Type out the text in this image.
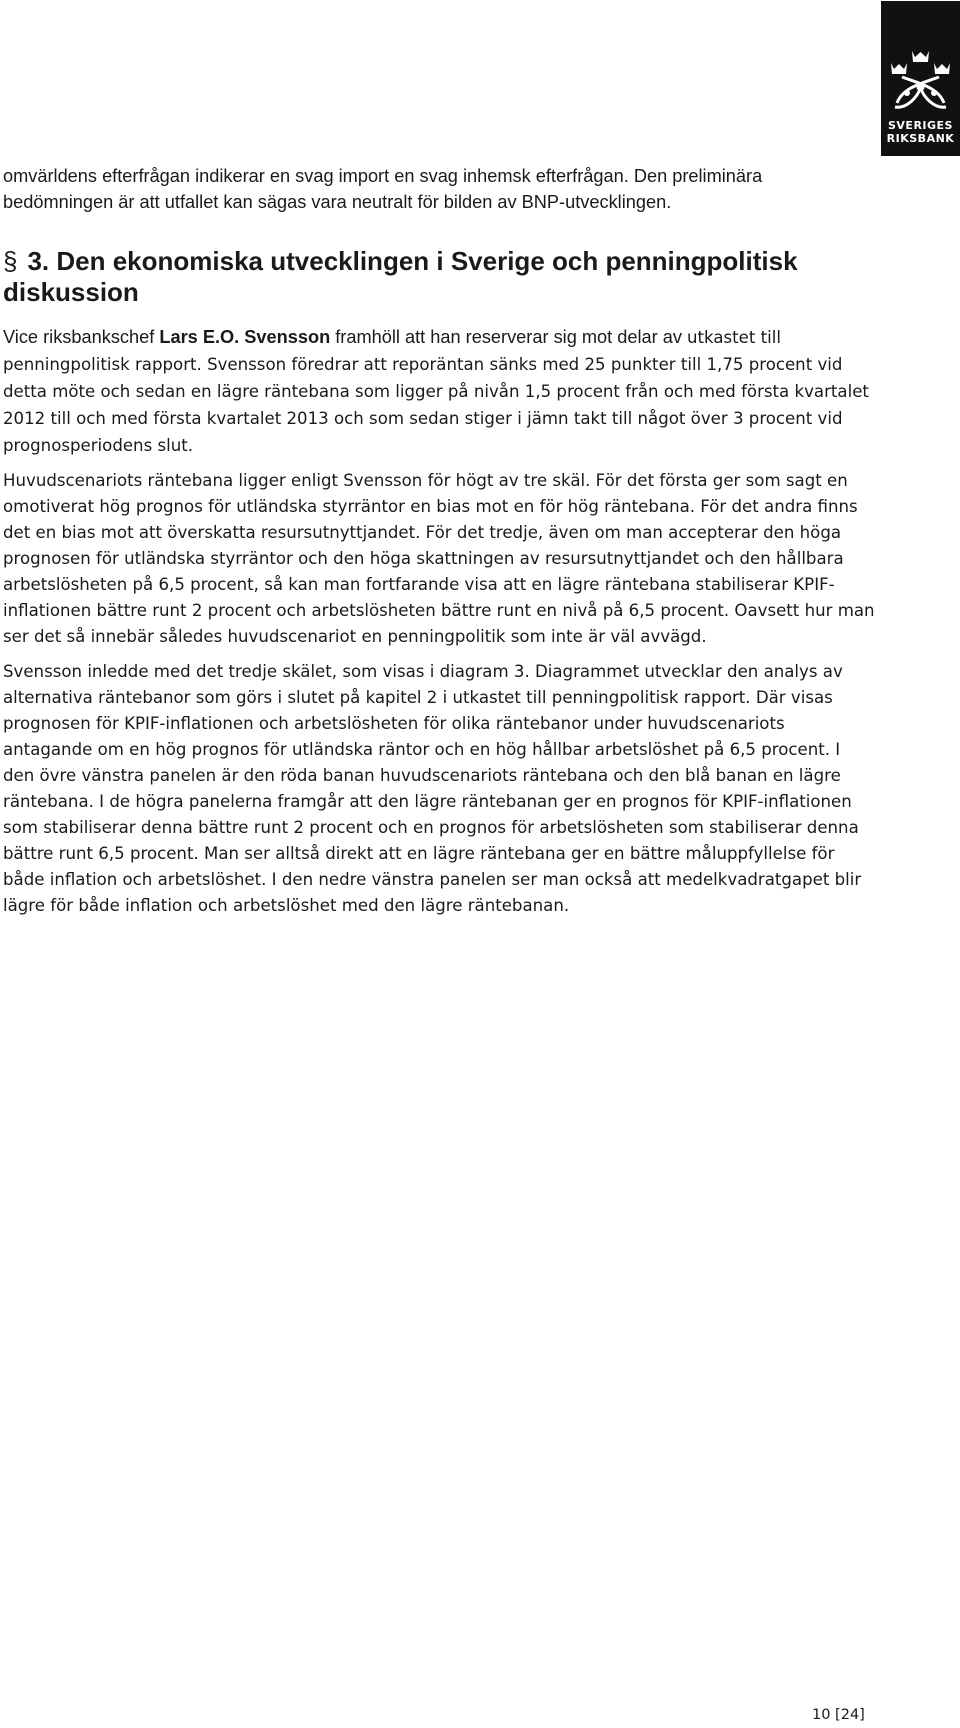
SVERIGES
RIKSBANK

omvärldens efterfrågan indikerar en svag import en svag inhemsk efterfrågan. Den preliminära bedömningen är att utfallet kan sägas vara neutralt för bilden av BNP-utvecklingen.

§ 3. Den ekonomiska utvecklingen i Sverige och penningpolitisk diskussion

Vice riksbankschef Lars E.O. Svensson framhöll att han reserverar sig mot delar av utkastet till penningpolitisk rapport. Svensson föredrar att reporäntan sänks med 25 punkter till 1,75 procent vid detta möte och sedan en lägre räntebana som ligger på nivån 1,5 procent från och med första kvartalet 2012 till och med första kvartalet 2013 och som sedan stiger i jämn takt till något över 3 procent vid prognosperiodens slut.

Huvudscenariots räntebana ligger enligt Svensson för högt av tre skäl. För det första ger som sagt en omotiverat hög prognos för utländska styrräntor en bias mot en för hög räntebana. För det andra finns det en bias mot att överskatta resursutnyttjandet. För det tredje, även om man accepterar den höga prognosen för utländska styrräntor och den höga skattningen av resursutnyttjandet och den hållbara arbetslösheten på 6,5 procent, så kan man fortfarande visa att en lägre räntebana stabiliserar KPIF-inflationen bättre runt 2 procent och arbetslösheten bättre runt en nivå på 6,5 procent. Oavsett hur man ser det så innebär således huvudscenariot en penningpolitik som inte är väl avvägd.

Svensson inledde med det tredje skälet, som visas i diagram 3. Diagrammet utvecklar den analys av alternativa räntebanor som görs i slutet på kapitel 2 i utkastet till penningpolitisk rapport. Där visas prognosen för KPIF-inflationen och arbetslösheten för olika räntebanor under huvudscenariots antagande om en hög prognos för utländska räntor och en hög hållbar arbetslöshet på 6,5 procent. I den övre vänstra panelen är den röda banan huvudscenariots räntebana och den blå banan en lägre räntebana. I de högra panelerna framgår att den lägre räntebanan ger en prognos för KPIF-inflationen som stabiliserar denna bättre runt 2 procent och en prognos för arbetslösheten som stabiliserar denna bättre runt 6,5 procent. Man ser alltså direkt att en lägre räntebana ger en bättre måluppfyllelse för både inflation och arbetslöshet. I den nedre vänstra panelen ser man också att medelkvadratgapet blir lägre för både inflation och arbetslöshet med den lägre räntebanan.

10 [24]
